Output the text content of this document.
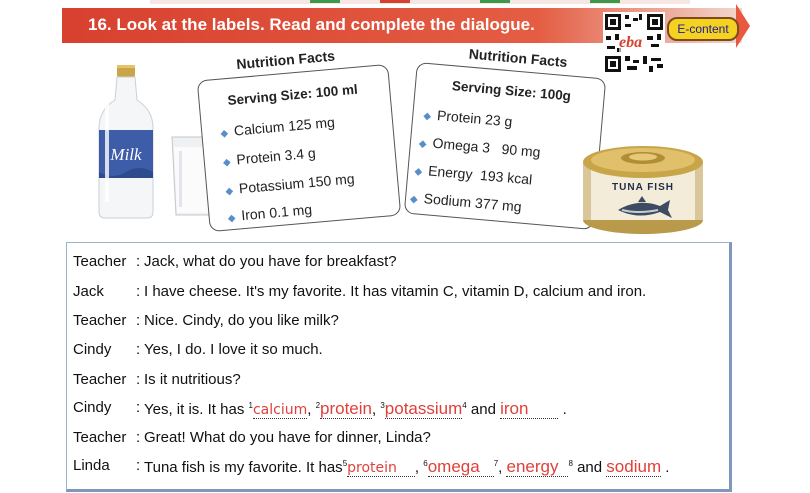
16. Look at the labels. Read and complete the dialogue.
eba
E-content
Milk
Nutrition Facts
Serving Size: 100 ml
◆ Calcium 125 mg
◆ Protein 3.4 g
◆ Potassium 150 mg
◆ Iron 0.1 mg
Nutrition Facts
Serving Size: 100g
◆ Protein 23 g
◆ Omega 3   90 mg
◆ Energy  193 kcal
◆ Sodium 377 mg
TUNA FISH
Teacher : Jack, what do you have for breakfast?
Jack : I have cheese. It's my favorite. It has vitamin C, vitamin D, calcium and iron.
Teacher : Nice. Cindy, do you like milk?
Cindy : Yes, I do. I love it so much.
Teacher : Is it nutritious?
Cindy : Yes, it is. It has $^1$calcium, $^2$protein, $^3$potassium$^4$ and iron .
Teacher : Great! What do you have for dinner, Linda?
Linda : Tuna fish is my favorite. It has$^5$protein , $^6$omega $^7$, energy $^8$ and sodium .
